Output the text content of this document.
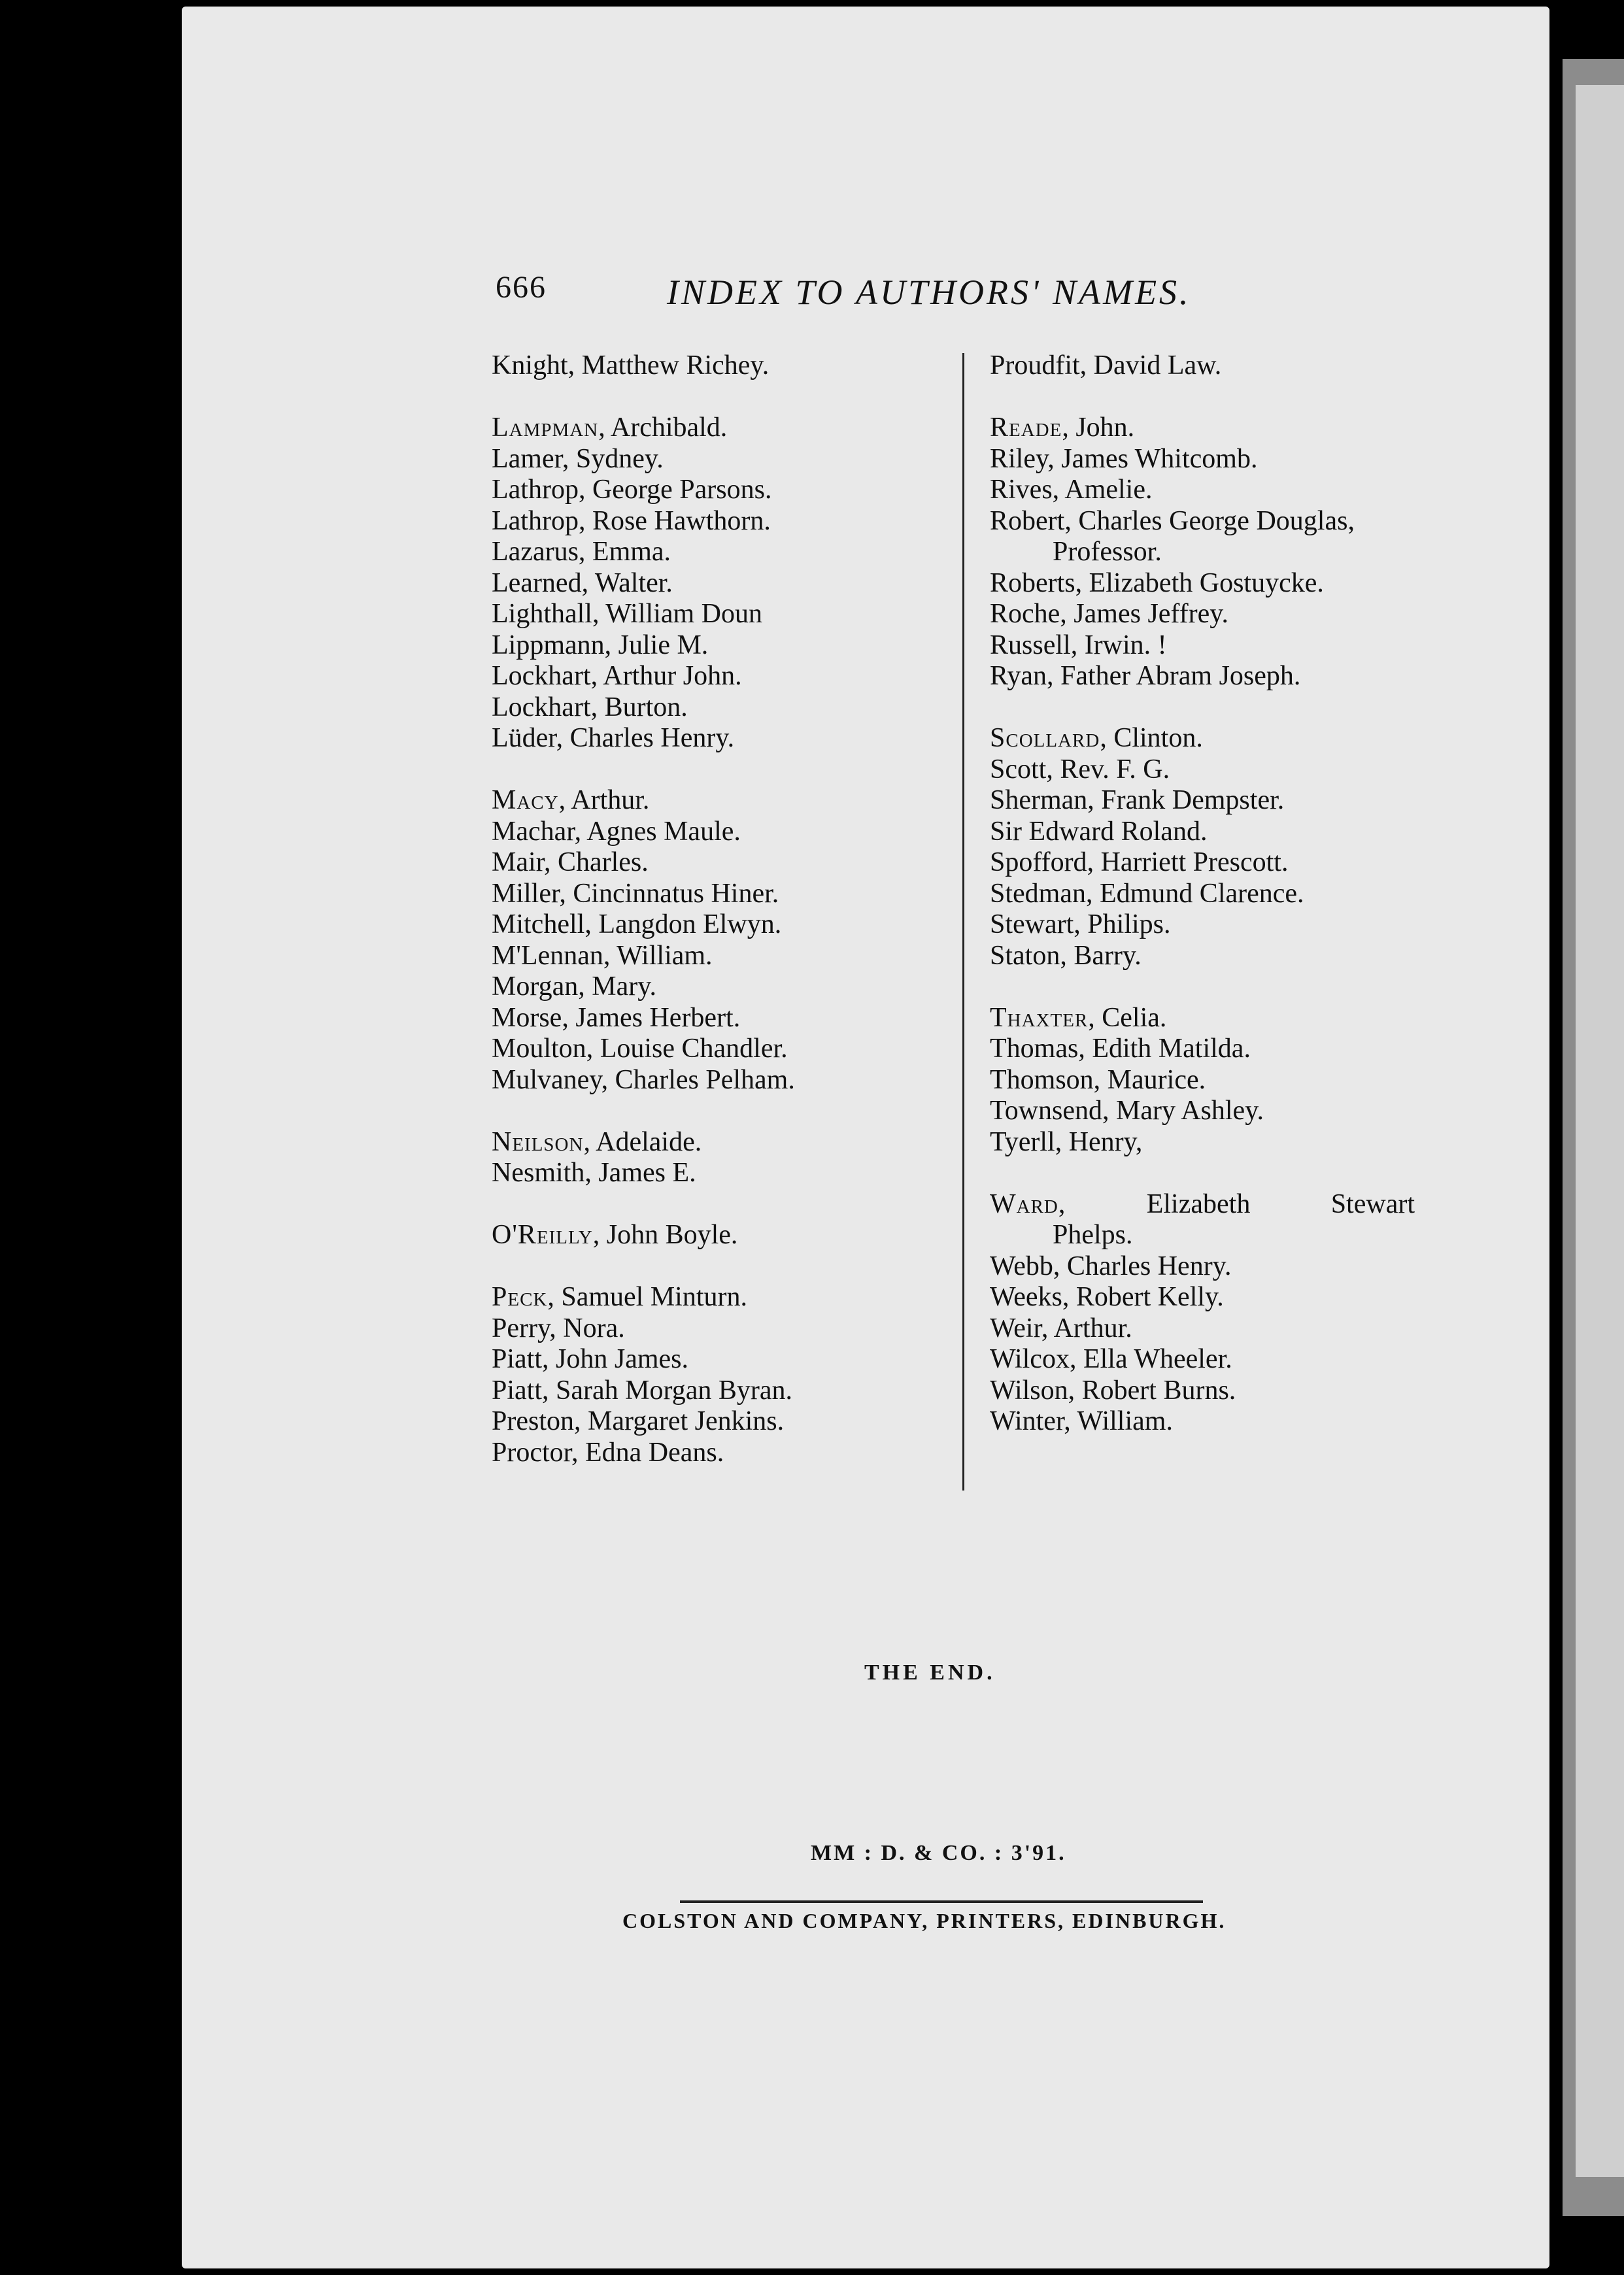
666	INDEX TO AUTHORS' NAMES.
Knight, Matthew Richey.
Lampman, Archibald.
Lamer, Sydney.
Lathrop, George Parsons.
Lathrop, Rose Hawthorn.
Lazarus, Emma.
Learned, Walter.
Lighthall, William Doun
Lippmann, Julie M.
Lockhart, Arthur John.
Lockhart, Burton.
Lüder, Charles Henry.
Macy, Arthur.
Machar, Agnes Maule.
Mair, Charles.
Miller, Cincinnatus Hiner.
Mitchell, Langdon Elwyn.
M'Lennan, William.
Morgan, Mary.
Morse, James Herbert.
Moulton, Louise Chandler.
Mulvaney, Charles Pelham.
Neilson, Adelaide.
Nesmith, James E.
O'Reilly, John Boyle.
Peck, Samuel Minturn.
Perry, Nora.
Piatt, John James.
Piatt, Sarah Morgan Byran.
Preston, Margaret Jenkins.
Proctor, Edna Deans.
Proudfit, David Law.
Reade, John.
Riley, James Whitcomb.
Rives, Amelie.
Robert, Charles George Douglas,
Professor.
Roberts, Elizabeth Gostuycke.
Roche, James Jeffrey.
Russell, Irwin. !
Ryan, Father Abram Joseph.
Scollard, Clinton.
Scott, Rev. F. G.
Sherman, Frank Dempster.
Sir Edward Roland.
Spofford, Harriett Prescott.
Stedman, Edmund Clarence.
Stewart, Philips.
Staton, Barry.
Thaxter, Celia.
Thomas, Edith Matilda.
Thomson, Maurice.
Townsend, Mary Ashley.
Tyerll, Henry,
Ward,	Elizabeth	Stewart
Phelps.
Webb, Charles Henry.
Weeks, Robert Kelly.
Weir, Arthur.
Wilcox, Ella Wheeler.
Wilson, Robert Burns.
Winter, William.
THE END.
MM : D. & CO. : 3'91.
COLSTON AND COMPANY, PRINTERS, EDINBURGH.
